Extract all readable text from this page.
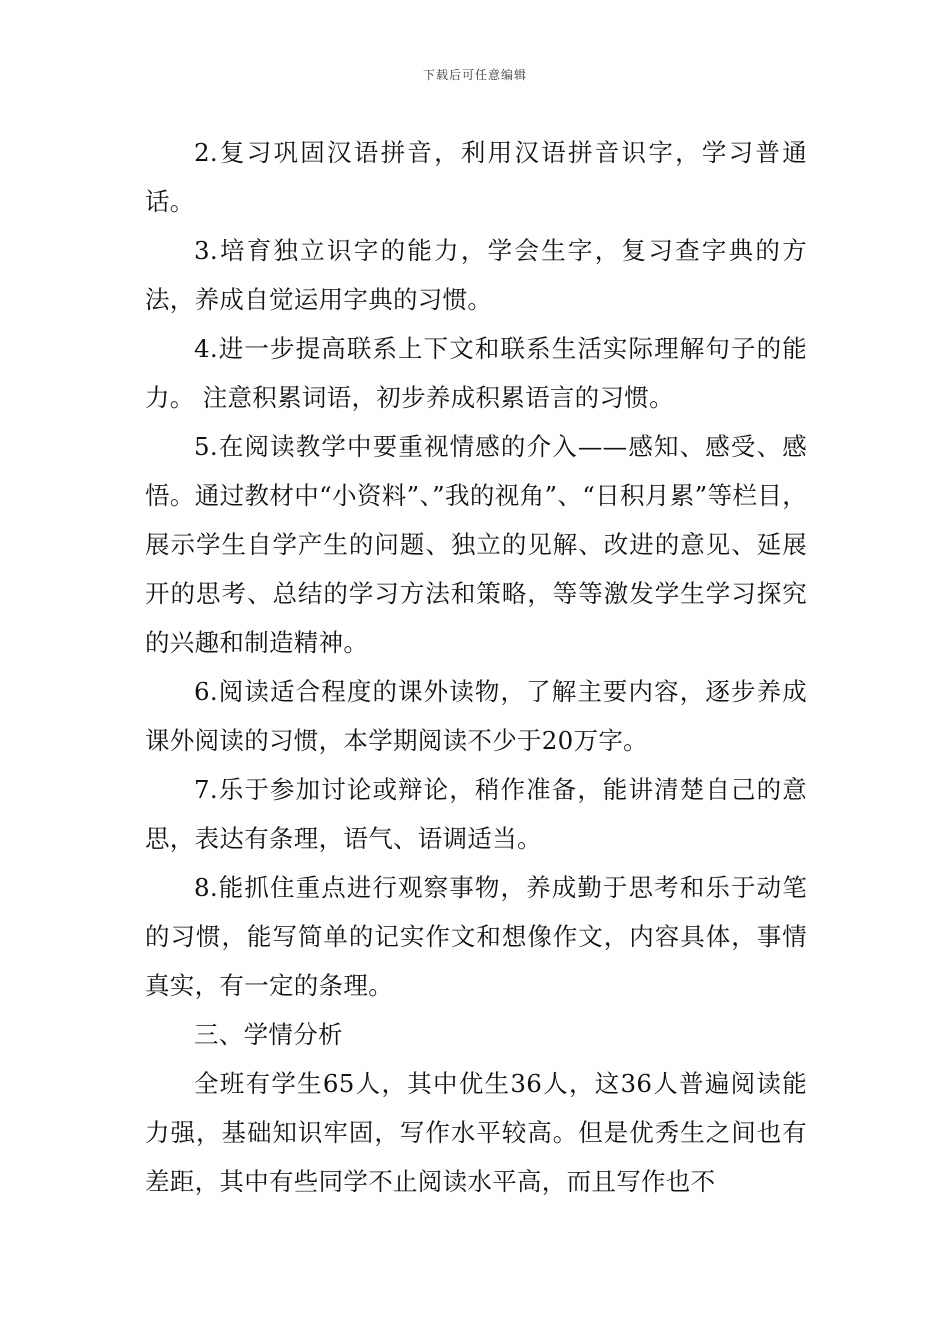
下载后可任意编辑

2.复习巩固汉语拼音，利用汉语拼音识字，学习普通话。

3.培育独立识字的能力，学会生字，复习查字典的方法，养成自觉运用字典的习惯。

4.进一步提高联系上下文和联系生活实际理解句子的能力。 注意积累词语，初步养成积累语言的习惯。

5.在阅读教学中要重视情感的介入——感知、感受、感悟。通过教材中“小资料”、”我的视角”、“日积月累”等栏目，展示学生自学产生的问题、独立的见解、改进的意见、延展开的思考、总结的学习方法和策略，等等激发学生学习探究的兴趣和制造精神。

6.阅读适合程度的课外读物，了解主要内容，逐步养成课外阅读的习惯，本学期阅读不少于20万字。

7.乐于参加讨论或辩论，稍作准备，能讲清楚自己的意思，表达有条理，语气、语调适当。

8.能抓住重点进行观察事物，养成勤于思考和乐于动笔的习惯，能写简单的记实作文和想像作文，内容具体，事情真实，有一定的条理。

三、学情分析

全班有学生65人，其中优生36人，这36人普遍阅读能力强，基础知识牢固，写作水平较高。但是优秀生之间也有差距，其中有些同学不止阅读水平高，而且写作也不
